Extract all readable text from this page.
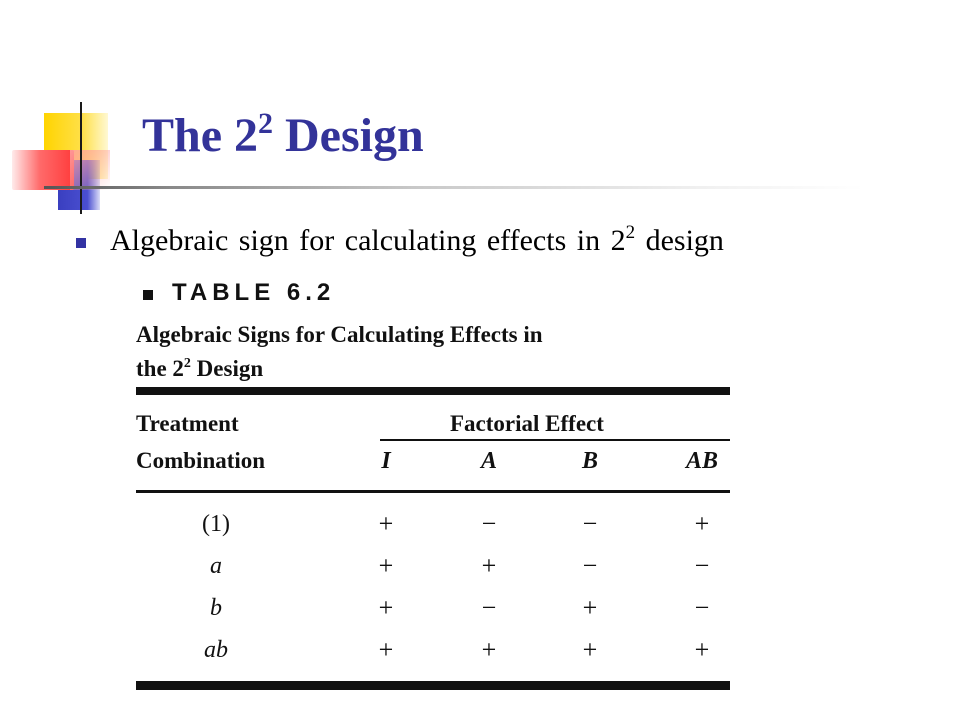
The $2^2$ Design
Algebraic sign for calculating effects in $2^2$ design
TABLE 6.2
Algebraic Signs for Calculating Effects in
the $2^2$ Design
Treatment	Factorial Effect
Combination	I	A	B	AB
(1)	+	−	−	+
a	+	+	−	−
b	+	−	+	−
ab	+	+	+	+
